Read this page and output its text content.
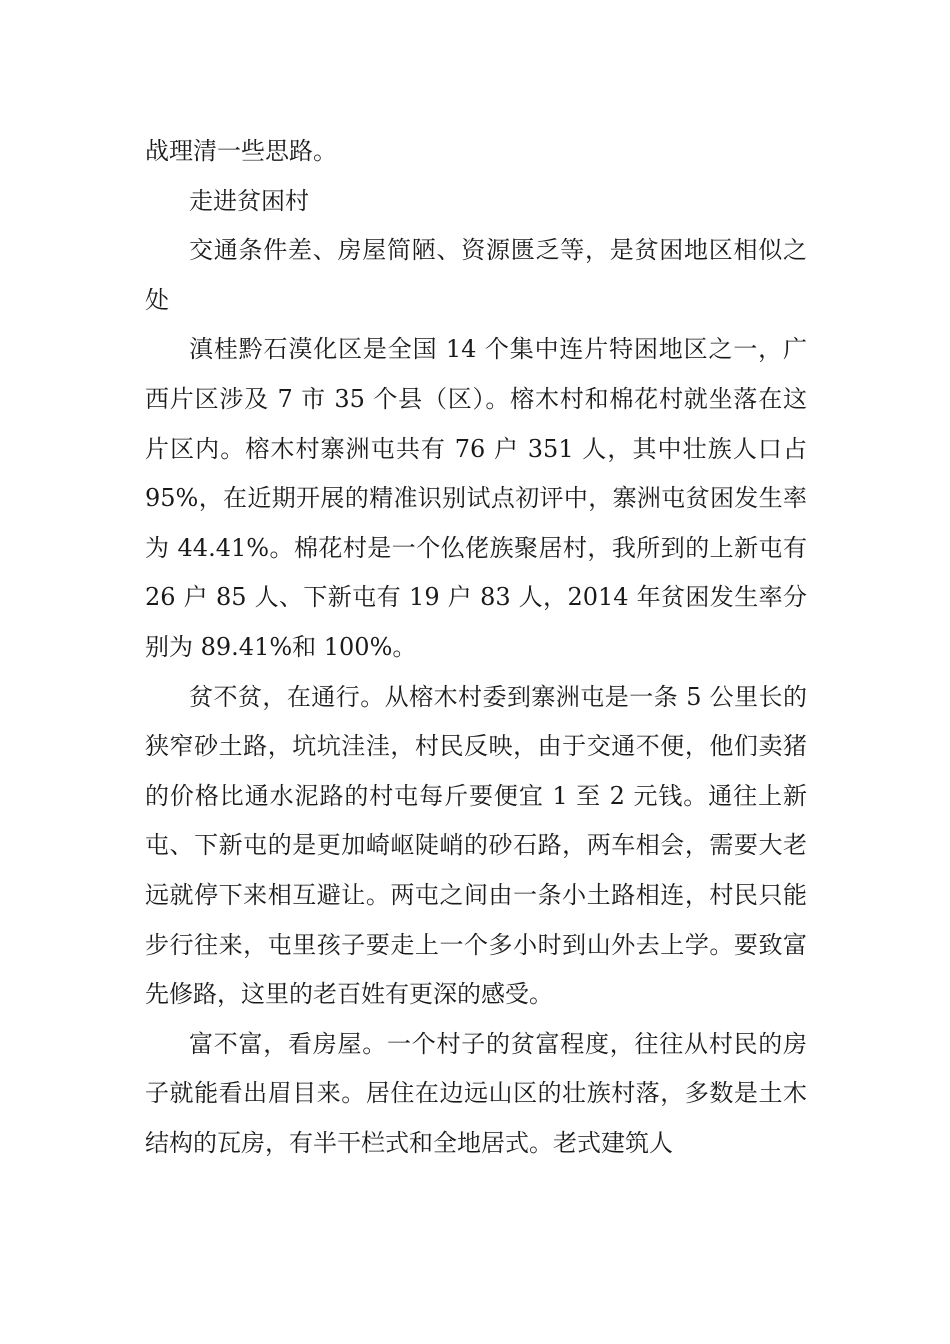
战理清一些思路。

走进贫困村

交通条件差、房屋简陋、资源匮乏等，是贫困地区相似之处

滇桂黔石漠化区是全国 14 个集中连片特困地区之一，广西片区涉及 7 市 35 个县（区）。榕木村和棉花村就坐落在这片区内。榕木村寨洲屯共有 76 户 351 人，其中壮族人口占 95%，在近期开展的精准识别试点初评中，寨洲屯贫困发生率为 44.41%。棉花村是一个仫佬族聚居村，我所到的上新屯有 26 户 85 人、下新屯有 19 户 83 人，2014 年贫困发生率分别为 89.41%和 100%。

贫不贫，在通行。从榕木村委到寨洲屯是一条 5 公里长的狭窄砂土路，坑坑洼洼，村民反映，由于交通不便，他们卖猪的价格比通水泥路的村屯每斤要便宜 1 至 2 元钱。通往上新屯、下新屯的是更加崎岖陡峭的砂石路，两车相会，需要大老远就停下来相互避让。两屯之间由一条小土路相连，村民只能步行往来，屯里孩子要走上一个多小时到山外去上学。要致富先修路，这里的老百姓有更深的感受。

富不富，看房屋。一个村子的贫富程度，往往从村民的房子就能看出眉目来。居住在边远山区的壮族村落，多数是土木结构的瓦房，有半干栏式和全地居式。老式建筑人
